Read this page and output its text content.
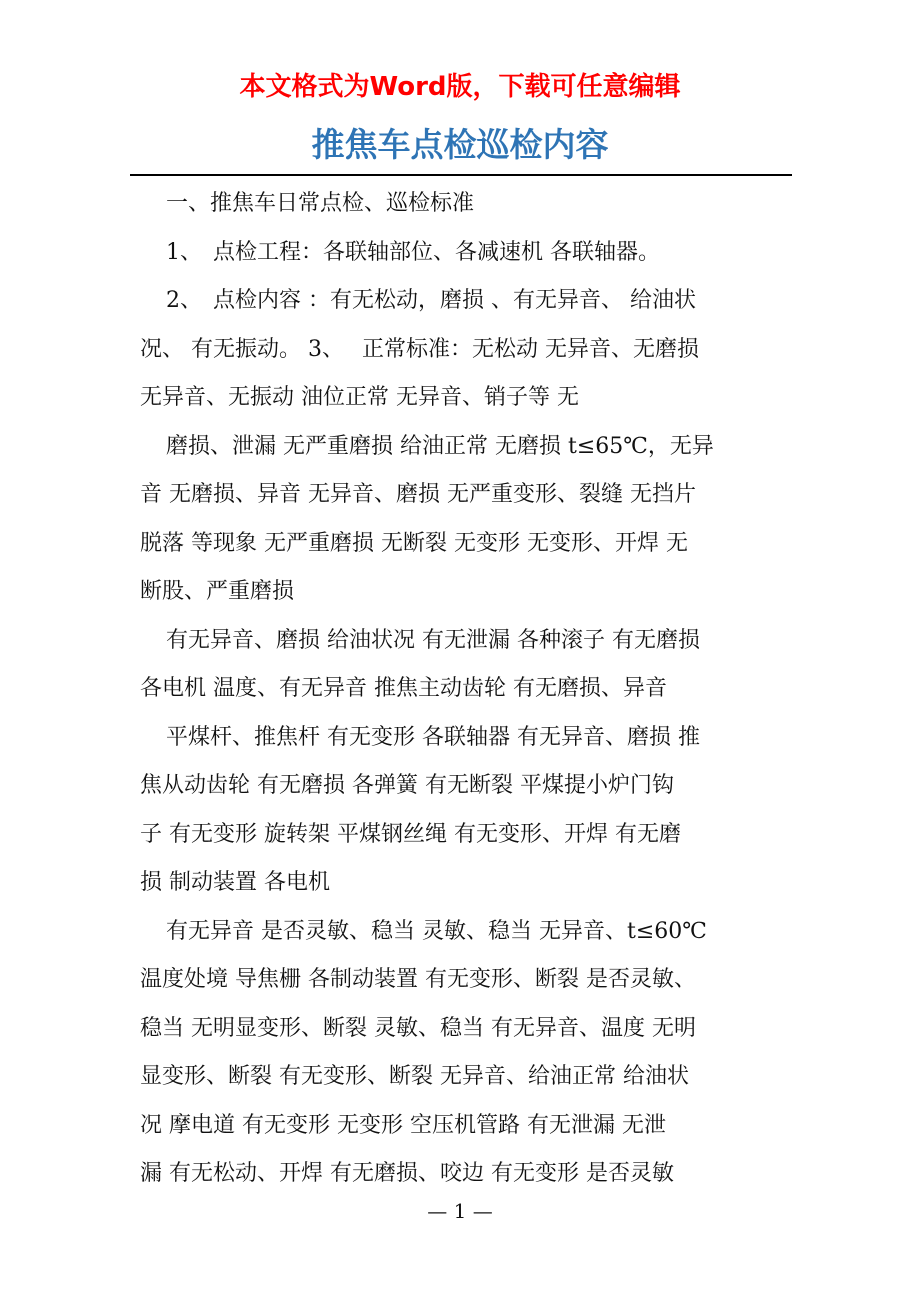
本文格式为Word版，下载可任意编辑
推焦车点检巡检内容

一、推焦车日常点检、巡检标准

1、　点检工程：各联轴部位、各减速机 各联轴器。

2、　点检内容 ：有无松动，磨损 、有无异音、 给油状

况、 有无振动。 3、　 正常标准：无松动 无异音、无磨损

无异音、无振动 油位正常 无异音、销子等 无

磨损、泄漏 无严重磨损 给油正常 无磨损 t≤65℃，无异

音 无磨损、异音 无异音、磨损 无严重变形、裂缝 无挡片

脱落 等现象 无严重磨损 无断裂 无变形 无变形、开焊 无

断股、严重磨损

有无异音、磨损 给油状况 有无泄漏 各种滚子 有无磨损

各电机 温度、有无异音 推焦主动齿轮 有无磨损、异音

平煤杆、推焦杆 有无变形 各联轴器 有无异音、磨损 推

焦从动齿轮 有无磨损 各弹簧 有无断裂 平煤提小炉门钩

子 有无变形 旋转架 平煤钢丝绳 有无变形、开焊 有无磨

损 制动装置 各电机

有无异音 是否灵敏、稳当 灵敏、稳当 无异音、t≤60℃

温度处境 导焦栅 各制动装置 有无变形、断裂 是否灵敏、

稳当 无明显变形、断裂 灵敏、稳当 有无异音、温度 无明

显变形、断裂 有无变形、断裂 无异音、给油正常 给油状

况 摩电道 有无变形 无变形 空压机管路 有无泄漏 无泄

漏 有无松动、开焊 有无磨损、咬边 有无变形 是否灵敏

— 1 —
